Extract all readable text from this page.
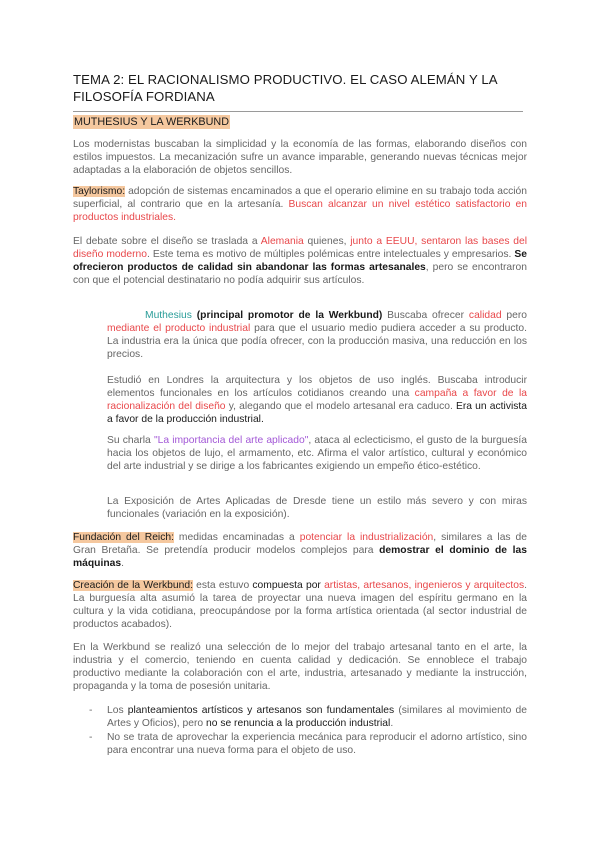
TEMA 2: EL RACIONALISMO PRODUCTIVO. EL CASO ALEMÁN Y LA FILOSOFÍA FORDIANA
MUTHESIUS Y LA WERKBUND
Los modernistas buscaban la simplicidad y la economía de las formas, elaborando diseños con estilos impuestos. La mecanización sufre un avance imparable, generando nuevas técnicas mejor adaptadas a la elaboración de objetos sencillos.
Taylorismo: adopción de sistemas encaminados a que el operario elimine en su trabajo toda acción superficial, al contrario que en la artesanía. Buscan alcanzar un nivel estético satisfactorio en productos industriales.
El debate sobre el diseño se traslada a Alemania quienes, junto a EEUU, sentaron las bases del diseño moderno. Este tema es motivo de múltiples polémicas entre intelectuales y empresarios. Se ofrecieron productos de calidad sin abandonar las formas artesanales, pero se encontraron con que el potencial destinatario no podía adquirir sus artículos.
Muthesius (principal promotor de la Werkbund) Buscaba ofrecer calidad pero mediante el producto industrial para que el usuario medio pudiera acceder a su producto. La industria era la única que podía ofrecer, con la producción masiva, una reducción en los precios.
Estudió en Londres la arquitectura y los objetos de uso inglés. Buscaba introducir elementos funcionales en los artículos cotidianos creando una campaña a favor de la racionalización del diseño y, alegando que el modelo artesanal era caduco. Era un activista a favor de la producción industrial.
Su charla "La importancia del arte aplicado", ataca al eclecticismo, el gusto de la burguesía hacia los objetos de lujo, el armamento, etc. Afirma el valor artístico, cultural y económico del arte industrial y se dirige a los fabricantes exigiendo un empeño ético-estético.
La Exposición de Artes Aplicadas de Dresde tiene un estilo más severo y con miras funcionales (variación en la exposición).
Fundación del Reich: medidas encaminadas a potenciar la industrialización, similares a las de Gran Bretaña. Se pretendía producir modelos complejos para demostrar el dominio de las máquinas.
Creación de la Werkbund: esta estuvo compuesta por artistas, artesanos, ingenieros y arquitectos. La burguesía alta asumió la tarea de proyectar una nueva imagen del espíritu germano en la cultura y la vida cotidiana, preocupándose por la forma artística orientada (al sector industrial de productos acabados).
En la Werkbund se realizó una selección de lo mejor del trabajo artesanal tanto en el arte, la industria y el comercio, teniendo en cuenta calidad y dedicación. Se ennoblece el trabajo productivo mediante la colaboración con el arte, industria, artesanado y mediante la instrucción, propaganda y la toma de posesión unitaria.
- Los planteamientos artísticos y artesanos son fundamentales (similares al movimiento de Artes y Oficios), pero no se renuncia a la producción industrial.
- No se trata de aprovechar la experiencia mecánica para reproducir el adorno artístico, sino para encontrar una nueva forma para el objeto de uso.
